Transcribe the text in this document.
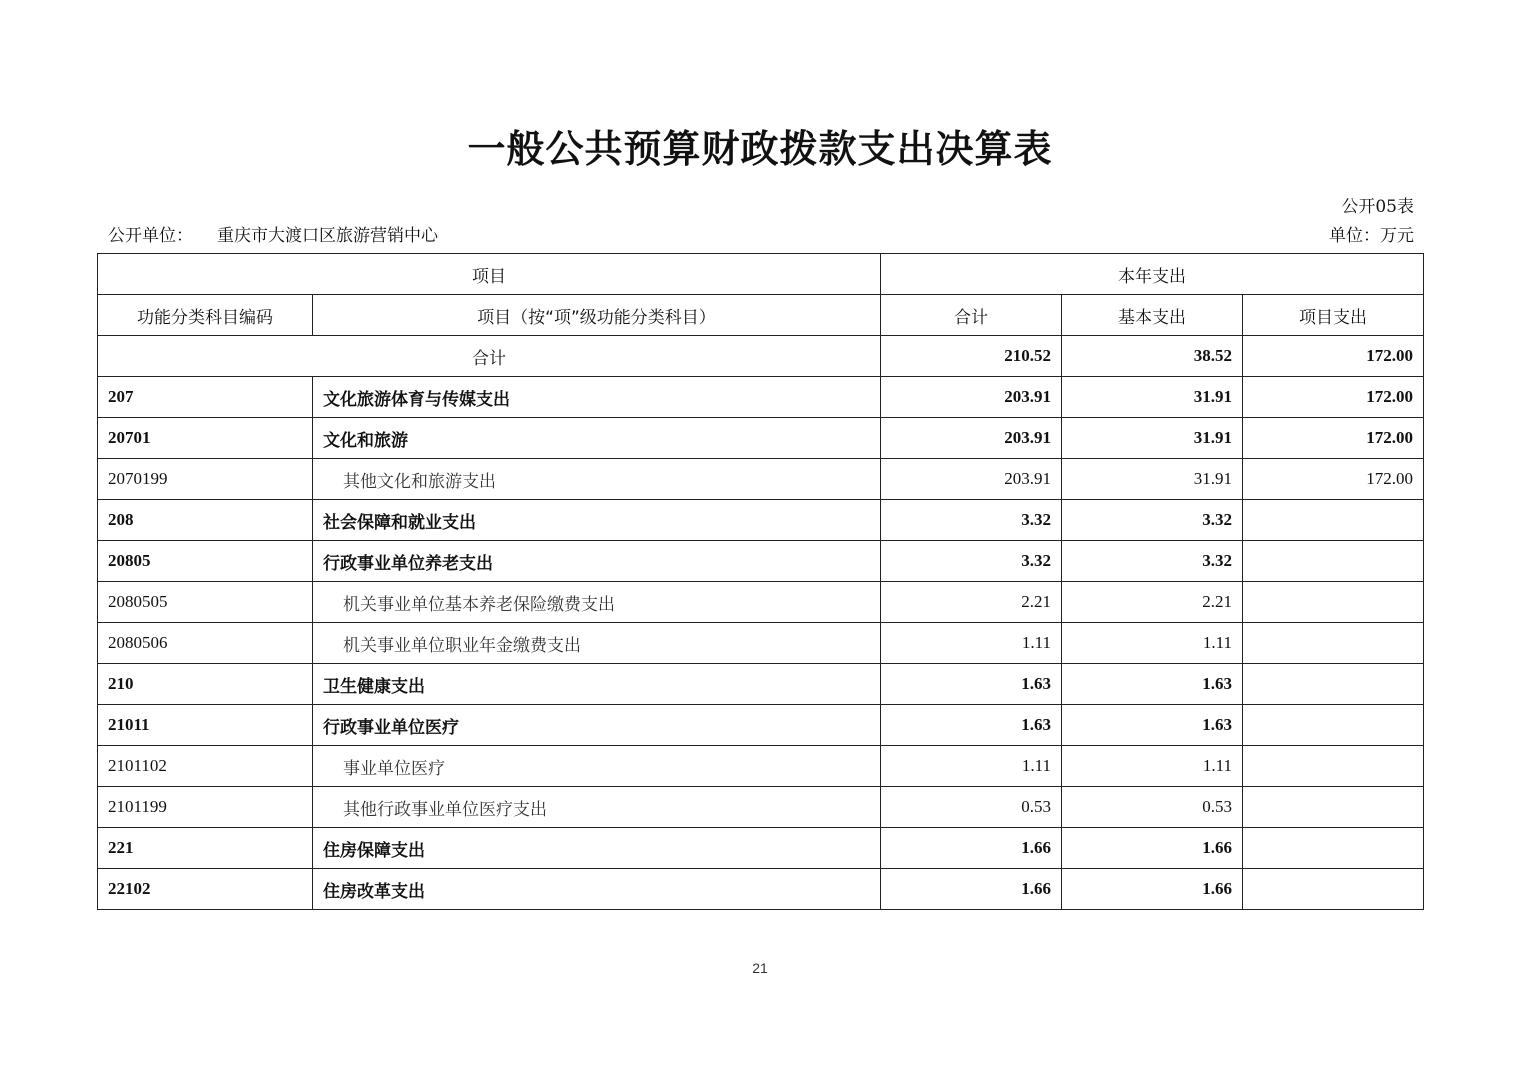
一般公共预算财政拨款支出决算表
公开05表
公开单位： 重庆市大渡口区旅游营销中心	单位：万元
项目		本年支出		
功能分类科目编码	项目（按“项”级功能分类科目）	合计	基本支出	项目支出
合计		210.52	38.52	172.00
207	文化旅游体育与传媒支出	203.91	31.91	172.00
20701	文化和旅游	203.91	31.91	172.00
2070199	其他文化和旅游支出	203.91	31.91	172.00
208	社会保障和就业支出	3.32	3.32	
20805	行政事业单位养老支出	3.32	3.32	
2080505	机关事业单位基本养老保险缴费支出	2.21	2.21	
2080506	机关事业单位职业年金缴费支出	1.11	1.11	
210	卫生健康支出	1.63	1.63	
21011	行政事业单位医疗	1.63	1.63	
2101102	事业单位医疗	1.11	1.11	
2101199	其他行政事业单位医疗支出	0.53	0.53	
221	住房保障支出	1.66	1.66	
22102	住房改革支出	1.66	1.66	
21
